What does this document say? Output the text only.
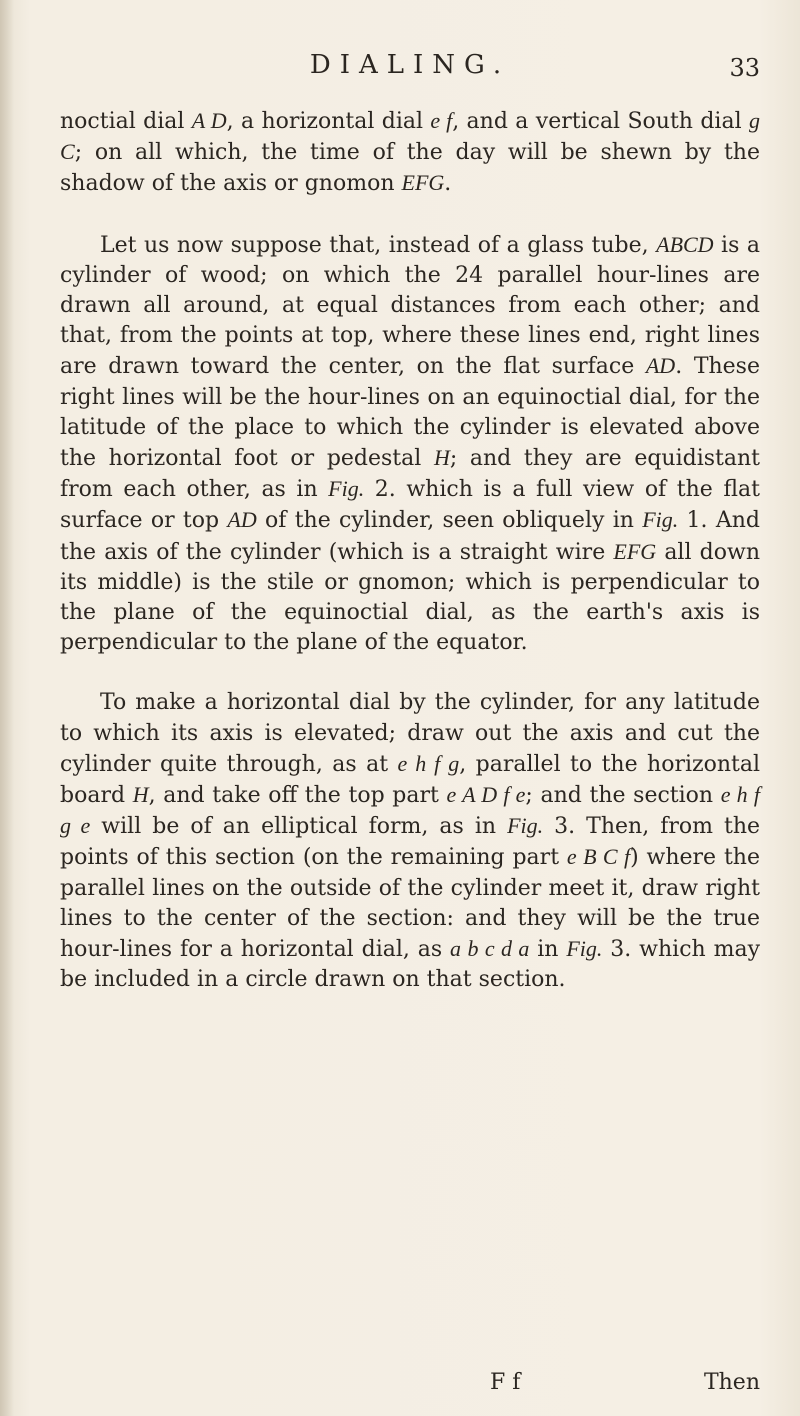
DIALING.	33

noctial dial A D, a horizontal dial e f, and a vertical South dial g C; on all which, the time of the day will be shewn by the shadow of the axis or gnomon EFG.

Let us now suppose that, instead of a glass tube, ABCD is a cylinder of wood; on which the 24 parallel hour-lines are drawn all around, at equal distances from each other; and that, from the points at top, where these lines end, right lines are drawn toward the center, on the flat surface AD. These right lines will be the hour-lines on an equinoctial dial, for the latitude of the place to which the cylinder is elevated above the horizontal foot or pedestal H; and they are equidistant from each other, as in Fig. 2. which is a full view of the flat surface or top AD of the cylinder, seen obliquely in Fig. 1. And the axis of the cylinder (which is a straight wire EFG all down its middle) is the stile or gnomon; which is perpendicular to the plane of the equinoctial dial, as the earth's axis is perpendicular to the plane of the equator.

To make a horizontal dial by the cylinder, for any latitude to which its axis is elevated; draw out the axis and cut the cylinder quite through, as at e h f g, parallel to the horizontal board H, and take off the top part e A D f e; and the section e h f g e will be of an elliptical form, as in Fig. 3. Then, from the points of this section (on the remaining part e B C f) where the parallel lines on the outside of the cylinder meet it, draw right lines to the center of the section: and they will be the true hour-lines for a horizontal dial, as a b c d a in Fig. 3. which may be included in a circle drawn on that section.

F f	Then
